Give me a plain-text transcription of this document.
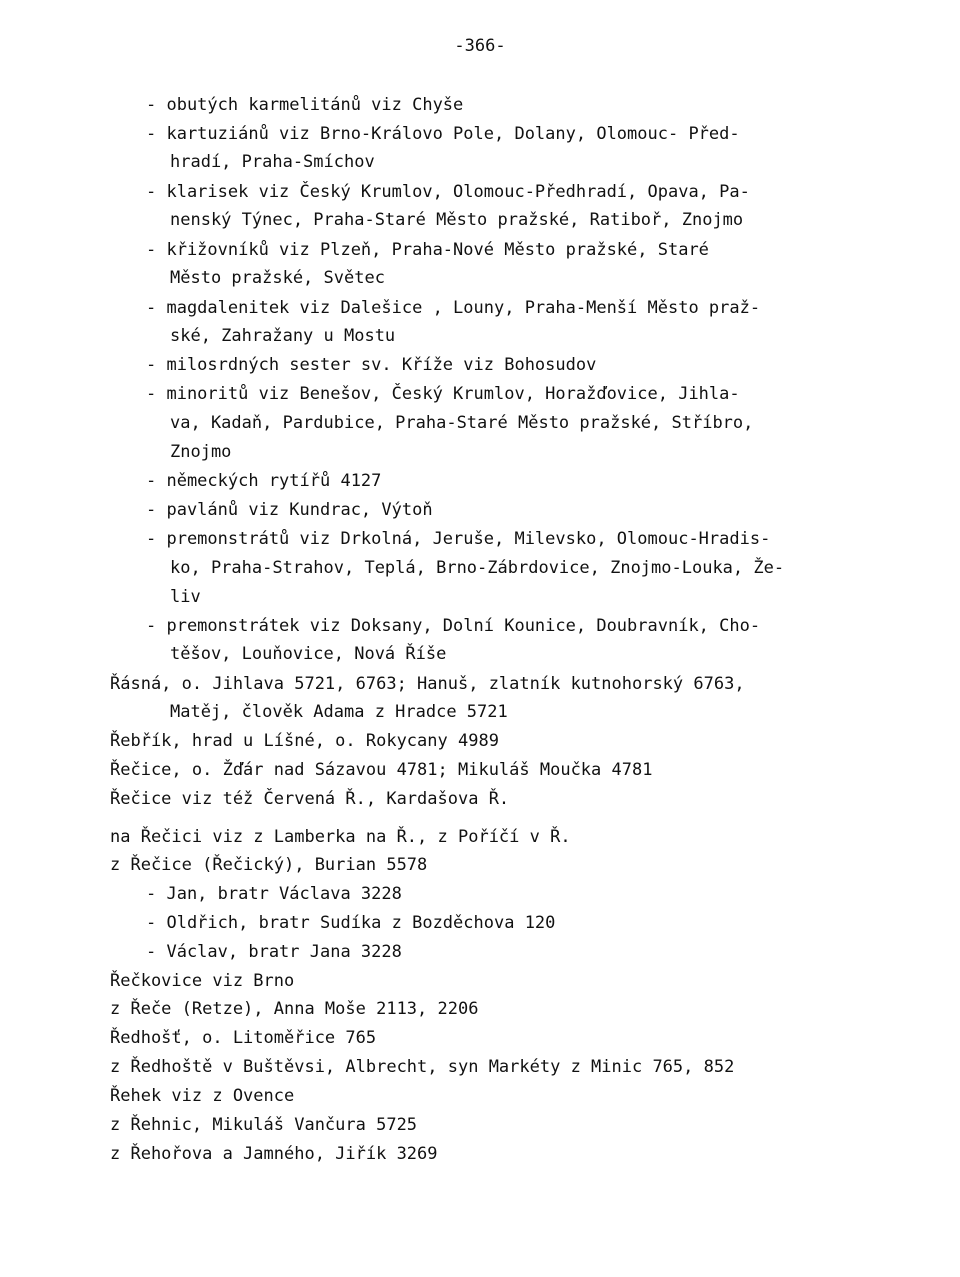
-366-
- obutých karmelitánů viz Chyše
- kartuziánů viz Brno-Královo Pole, Dolany, Olomouc- Před-
hradí, Praha-Smíchov
- klarisek viz Český Krumlov, Olomouc-Předhradí, Opava, Pa-
nenský Týnec, Praha-Staré Město pražské, Ratiboř, Znojmo
- křižovníků viz Plzeň, Praha-Nové Město pražské, Staré
Město pražské, Světec
- magdalenitek viz Dalešice , Louny, Praha-Menší Město praž-
ské, Zahražany u Mostu
- milosrdných sester sv. Kříže viz Bohosudov
- minoritů viz Benešov, Český Krumlov, Horažďovice, Jihla-
va, Kadaň, Pardubice, Praha-Staré Město pražské, Stříbro,
Znojmo
- německých rytířů 4127
- pavlánů viz Kundrac, Výtoň
- premonstrátů viz Drkolná, Jeruše, Milevsko, Olomouc-Hradis-
ko, Praha-Strahov, Teplá, Brno-Zábrdovice, Znojmo-Louka, Že-
liv
- premonstrátek viz Doksany, Dolní Kounice, Doubravník, Cho-
těšov, Louňovice, Nová Říše
Řásná, o. Jihlava 5721, 6763; Hanuš, zlatník kutnohorský 6763,
Matěj, člověk Adama z Hradce 5721
Řebřík, hrad u Líšné, o. Rokycany 4989
Řečice, o. Žďár nad Sázavou 4781; Mikuláš Moučka 4781
Řečice viz též Červená Ř., Kardašova Ř.
na Řečici viz z Lamberka na Ř., z Poříčí v Ř.
z Řečice (Řečický), Burian 5578
- Jan, bratr Václava 3228
- Oldřich, bratr Sudíka z Bozděchova 120
- Václav, bratr Jana 3228
Řečkovice viz Brno
z Řeče (Retze), Anna Moše 2113, 2206
Ředhošť, o. Litoměřice 765
z Ředhoště v Buštěvsi, Albrecht, syn Markéty z Minic 765, 852
Řehek viz z Ovence
z Řehnic, Mikuláš Vančura 5725
z Řehořova a Jamného, Jiřík 3269
